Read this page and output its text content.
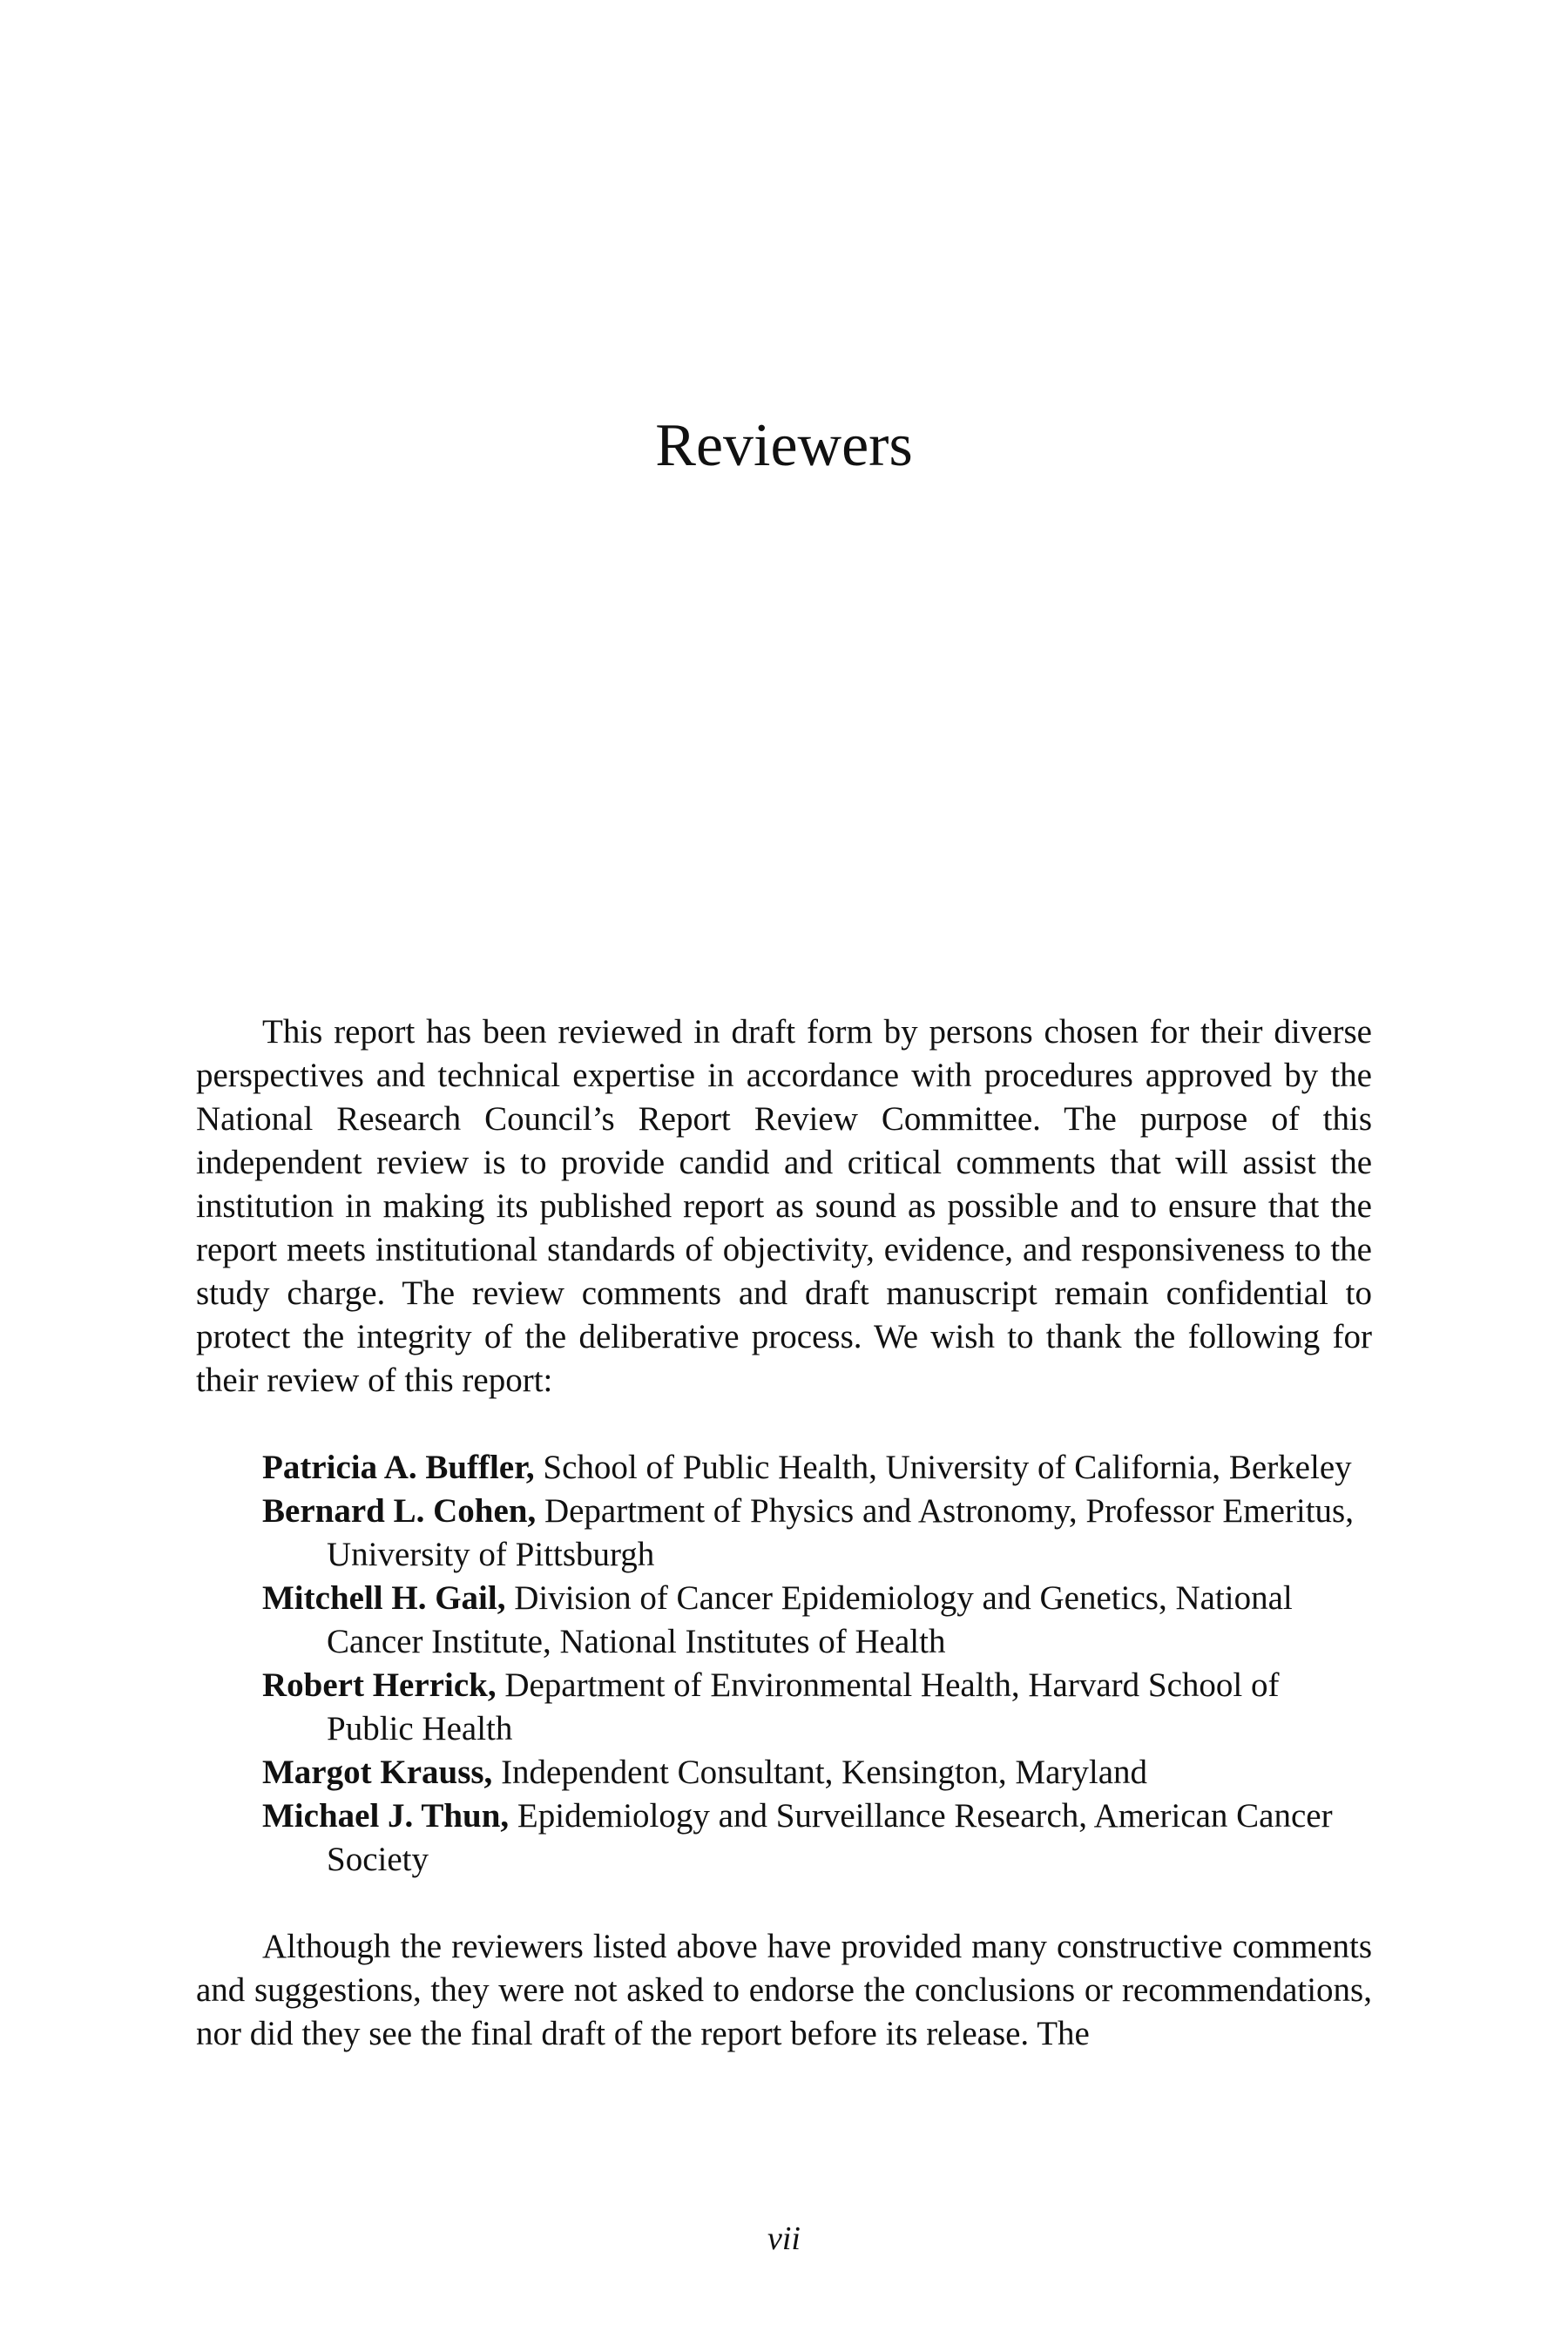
Reviewers

This report has been reviewed in draft form by persons chosen for their diverse perspectives and technical expertise in accordance with procedures approved by the National Research Council’s Report Review Committee. The purpose of this independent review is to provide candid and critical comments that will assist the institution in making its published report as sound as possible and to ensure that the report meets institutional standards of objectivity, evidence, and responsiveness to the study charge. The review comments and draft manuscript remain confidential to protect the integrity of the deliberative process. We wish to thank the following for their review of this report:

Patricia A. Buffler, School of Public Health, University of California, Berkeley
Bernard L. Cohen, Department of Physics and Astronomy, Professor Emeritus, University of Pittsburgh
Mitchell H. Gail, Division of Cancer Epidemiology and Genetics, National Cancer Institute, National Institutes of Health
Robert Herrick, Department of Environmental Health, Harvard School of Public Health
Margot Krauss, Independent Consultant, Kensington, Maryland
Michael J. Thun, Epidemiology and Surveillance Research, American Cancer Society

Although the reviewers listed above have provided many constructive comments and suggestions, they were not asked to endorse the conclusions or recommendations, nor did they see the final draft of the report before its release. The

vii
